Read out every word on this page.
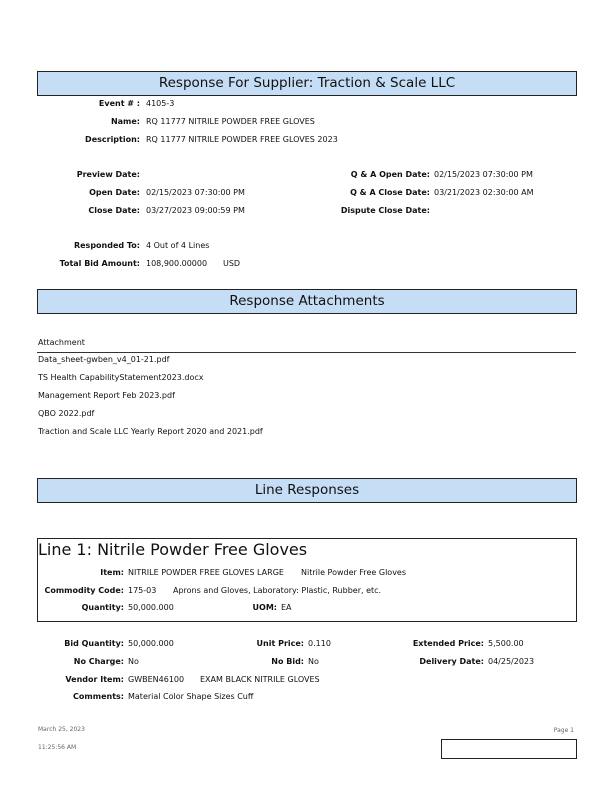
Response For Supplier: Traction & Scale LLC
Event # : 4105-3
Name: RQ 11777 NITRILE POWDER FREE GLOVES
Description: RQ 11777 NITRILE POWDER FREE GLOVES 2023
Preview Date:
Open Date: 02/15/2023 07:30:00 PM
Close Date: 03/27/2023 09:00:59 PM
Q & A Open Date: 02/15/2023 07:30:00 PM
Q & A Close Date: 03/21/2023 02:30:00 AM
Dispute Close Date:
Responded To: 4 Out of 4 Lines
Total Bid Amount: 108,900.00000 USD
Response Attachments
Attachment
Data_sheet-gwben_v4_01-21.pdf
TS Health CapabilityStatement2023.docx
Management Report Feb 2023.pdf
QBO 2022.pdf
Traction and Scale LLC Yearly Report 2020 and 2021.pdf
Line Responses
Line 1: Nitrile Powder Free Gloves
Item: NITRILE POWDER FREE GLOVES LARGE Nitrile Powder Free Gloves
Commodity Code: 175-03 Aprons and Gloves, Laboratory: Plastic, Rubber, etc.
Quantity: 50,000.000	UOM: EA
Bid Quantity: 50,000.000	Unit Price: 0.110	Extended Price: 5,500.00
No Charge: No	No Bid: No	Delivery Date: 04/25/2023
Vendor Item: GWBEN46100 EXAM BLACK NITRILE GLOVES
Comments: Material Color Shape Sizes Cuff
March 25, 2023
11:25:56 AM
Page 1
